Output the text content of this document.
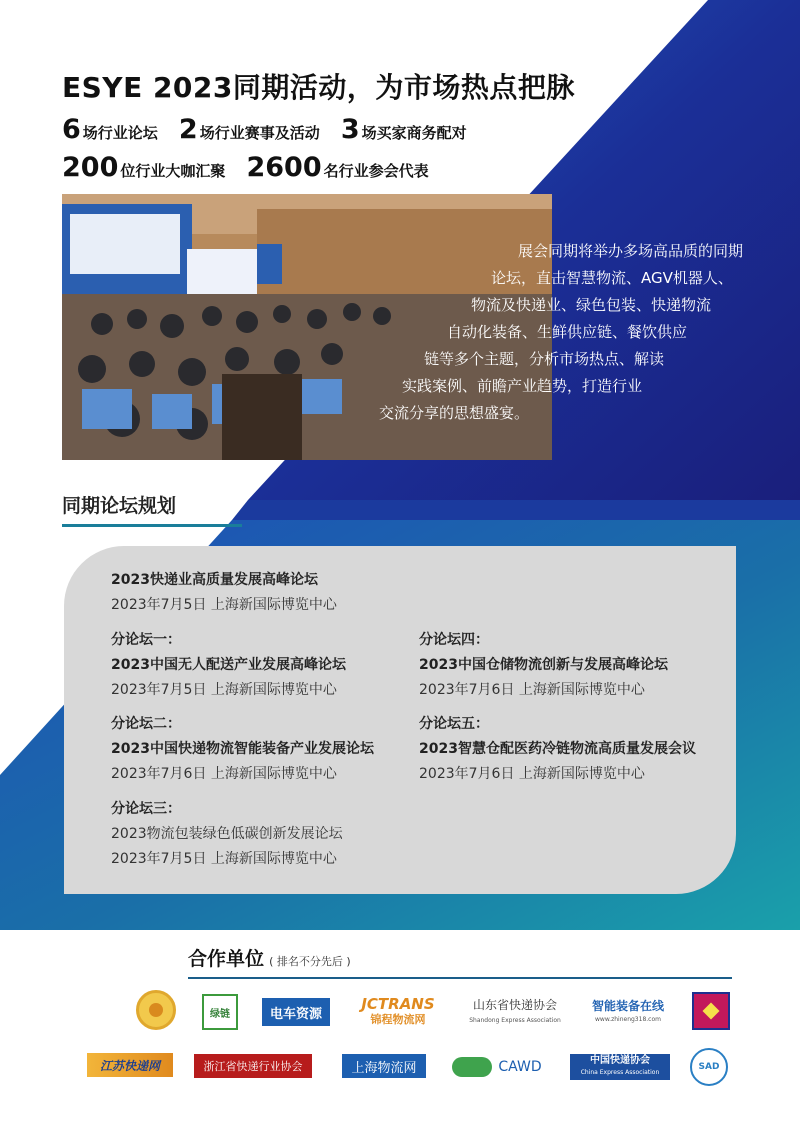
ESYE 2023同期活动，为市场热点把脉
6 场行业论坛 2 场行业赛事及活动 3 场买家商务配对
200 位行业大咖汇聚 2600 名行业参会代表
展会同期将举办多场高品质的同期
论坛，直击智慧物流、AGV机器人、
物流及快递业、绿色包装、快递物流
自动化装备、生鲜供应链、餐饮供应
链等多个主题，分析市场热点、解读
实践案例、前瞻产业趋势，打造行业
交流分享的思想盛宴。
同期论坛规划
2023快递业高质量发展高峰论坛
2023年7月5日 上海新国际博览中心
分论坛一：
2023中国无人配送产业发展高峰论坛
2023年7月5日 上海新国际博览中心
分论坛二：
2023中国快递物流智能装备产业发展论坛
2023年7月6日 上海新国际博览中心
分论坛三：
2023物流包装绿色低碳创新发展论坛
2023年7月5日 上海新国际博览中心
分论坛四：
2023中国仓储物流创新与发展高峰论坛
2023年7月6日 上海新国际博览中心
分论坛五：
2023智慧仓配医药冷链物流高质量发展会议
2023年7月6日 上海新国际博览中心
合作单位 ( 排名不分先后 )
绿链	电车资源
JCTRANS
锦程物流网
山东省快递协会
Shandong Express Association
智能装备在线
www.zhineng318.com
江苏快递网	浙江省快递行业协会	上海物流网	CAWD	中国快递协会
China Express Association
SAD
